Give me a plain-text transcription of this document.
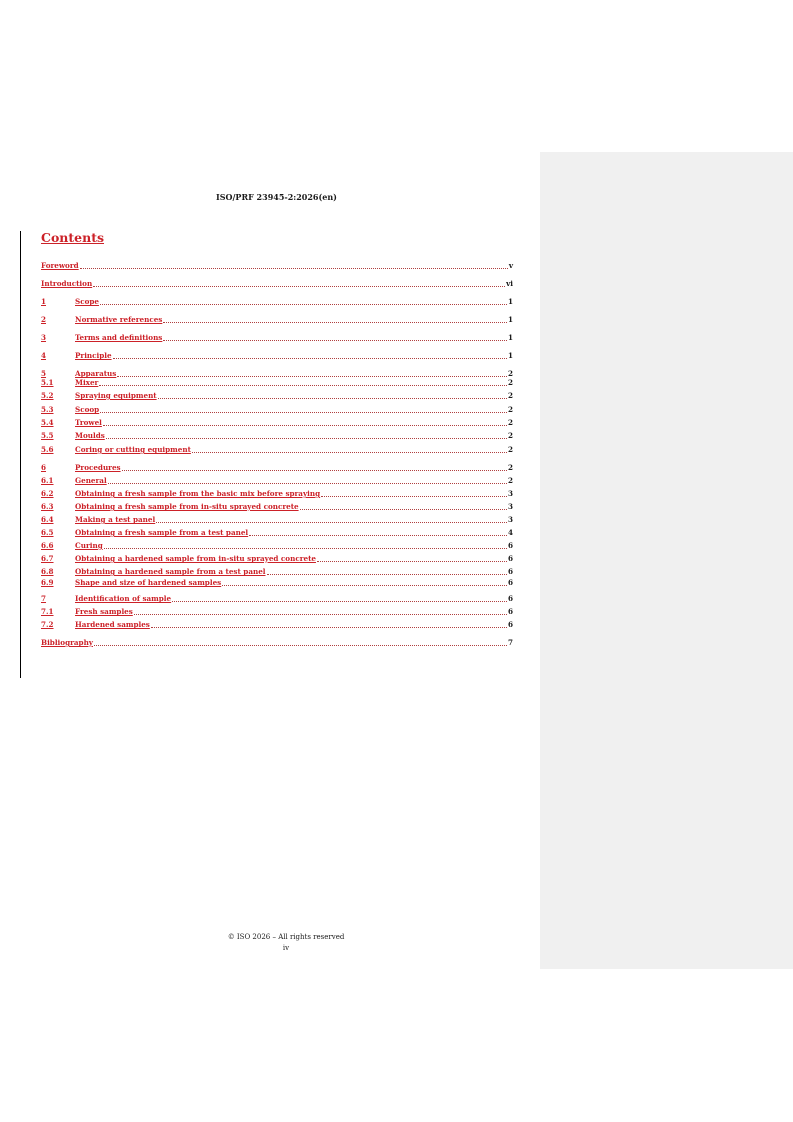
ISO/PRF 23945-2:2026(en)
Contents
Foreword	v
Introduction	vi
1	Scope	1
2	Normative references	1
3	Terms and definitions	1
4	Principle	1
5	Apparatus	2
5.1	Mixer	2
5.2	Spraying equipment	2
5.3	Scoop	2
5.4	Trowel	2
5.5	Moulds	2
5.6	Coring or cutting equipment	2
6	Procedures	2
6.1	General	2
6.2	Obtaining a fresh sample from the basic mix before spraying	3
6.3	Obtaining a fresh sample from in-situ sprayed concrete	3
6.4	Making a test panel	3
6.5	Obtaining a fresh sample from a test panel	4
6.6	Curing	6
6.7	Obtaining a hardened sample from in-situ sprayed concrete	6
6.8	Obtaining a hardened sample from a test panel	6
6.9	Shape and size of hardened samples	6
7	Identification of sample	6
7.1	Fresh samples	6
7.2	Hardened samples	6
Bibliography	7
© ISO 2026 – All rights reserved
iv
